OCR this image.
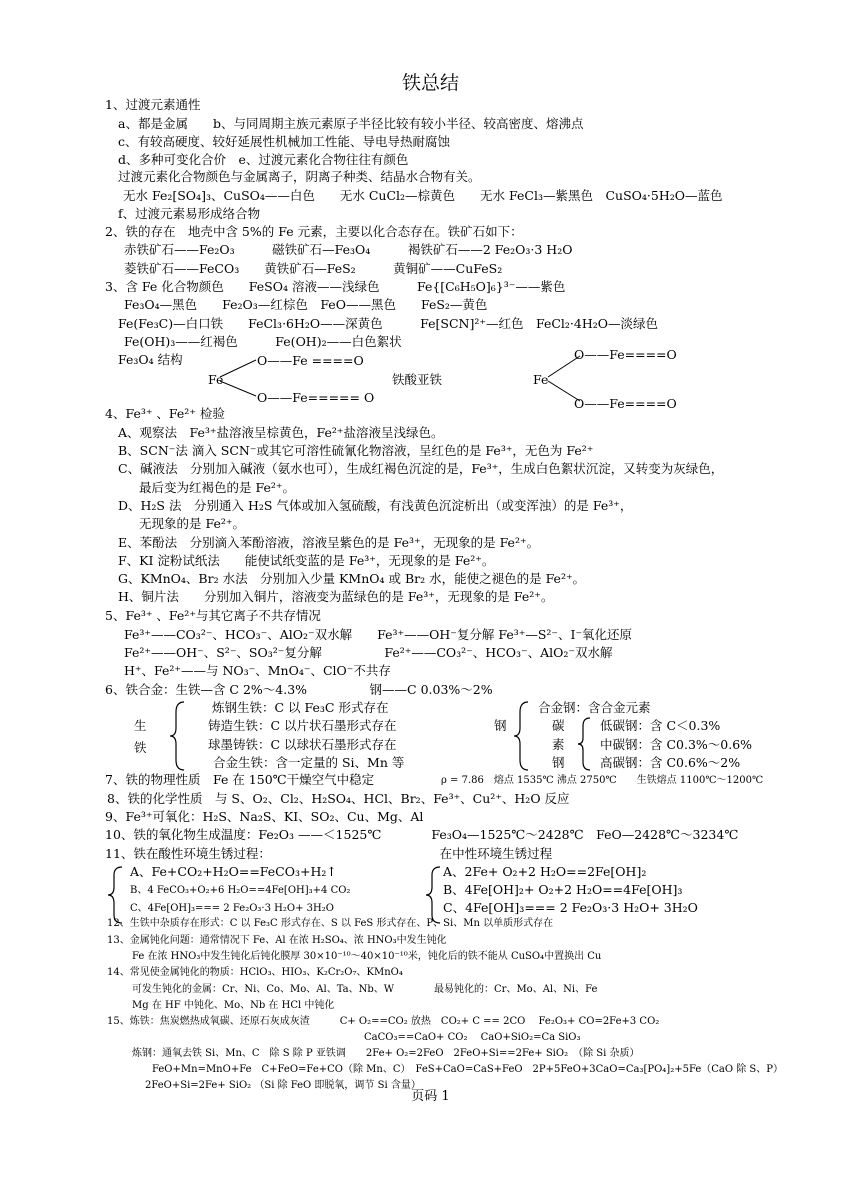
铁总结
1、过渡元素通性
a、都是金属　　b、与同周期主族元素原子半径比较有较小半径、较高密度、熔沸点
c、有较高硬度、较好延展性机械加工性能、导电导热耐腐蚀
d、多种可变化合价　e、过渡元素化合物往往有颜色
过渡元素化合物颜色与金属离子，阴离子种类、结晶水合物有关。
无水 Fe₂[SO₄]₃、CuSO₄——白色　　无水 CuCl₂—棕黄色　　无水 FeCl₃—紫黑色　CuSO₄·5H₂O—蓝色
f、过渡元素易形成络合物
2、铁的存在　地壳中含 5%的 Fe 元素，主要以化合态存在。铁矿石如下：
赤铁矿石——Fe₂O₃　　　磁铁矿石—Fe₃O₄　　　褐铁矿石——2 Fe₂O₃·3 H₂O
菱铁矿石——FeCO₃　　黄铁矿石—FeS₂　　　黄铜矿——CuFeS₂
3、含 Fe 化合物颜色　　FeSO₄ 溶液——浅绿色　　　Fe{[C₆H₅O]₆}³⁻——紫色
Fe₃O₄—黑色　　Fe₂O₃—红棕色　FeO——黑色　　FeS₂—黄色
Fe(Fe₃C)—白口铁　　FeCl₃·6H₂O——深黄色　　　Fe[SCN]²⁺—红色　FeCl₂·4H₂O—淡绿色
Fe(OH)₃——红褐色　　　Fe(OH)₂——白色絮状
Fe₃O₄ 结构
4、Fe³⁺ 、Fe²⁺ 检验
A、观察法　Fe³⁺盐溶液呈棕黄色，Fe²⁺盐溶液呈浅绿色。
B、SCN⁻法 滴入 SCN⁻或其它可溶性硫氰化物溶液，呈红色的是 Fe³⁺，无色为 Fe²⁺
C、碱液法　分别加入碱液（氨水也可），生成红褐色沉淀的是，Fe³⁺，生成白色絮状沉淀，又转变为灰绿色，
最后变为红褐色的是 Fe²⁺。
D、H₂S 法　分别通入 H₂S 气体或加入氢硫酸，有浅黄色沉淀析出（或变浑浊）的是 Fe³⁺，
无现象的是 Fe²⁺。
E、苯酚法　分别滴入苯酚溶液，溶液呈紫色的是 Fe³⁺，无现象的是 Fe²⁺。
F、KI 淀粉试纸法　　能使试纸变蓝的是 Fe³⁺，无现象的是 Fe²⁺。
G、KMnO₄、Br₂ 水法　分别加入少量 KMnO₄ 或 Br₂ 水，能使之褪色的是 Fe²⁺。
H、铜片法　　分别加入铜片，溶液变为蓝绿色的是 Fe³⁺，无现象的是 Fe²⁺。
5、Fe³⁺ 、Fe²⁺与其它离子不共存情况
Fe³⁺——CO₃²⁻、HCO₃⁻、AlO₂⁻双水解　　Fe³⁺——OH⁻复分解 Fe³⁺—S²⁻、I⁻氧化还原
Fe²⁺——OH⁻、S²⁻、SO₃²⁻复分解　　　　　Fe²⁺——CO₃²⁻、HCO₃⁻、AlO₂⁻双水解
H⁺、Fe²⁺——与 NO₃⁻、MnO₄⁻、ClO⁻不共存
6、铁合金：生铁—含 C 2%～4.3%　　　　　钢——C 0.03%～2%
7、铁的物理性质　Fe 在 150℃干燥空气中稳定
8、铁的化学性质　与 S、O₂、Cl₂、H₂SO₄、HCl、Br₂、Fe³⁺、Cu²⁺、H₂O 反应
9、Fe³⁺可氧化：H₂S、Na₂S、KI、SO₂、Cu、Mg、Al
10、铁的氧化物生成温度：Fe₂O₃ ——＜1525℃　　　　Fe₃O₄—1525℃～2428℃　FeO—2428℃～3234℃
11、铁在酸性环境生锈过程：　　　　　　　　　　　　　　在中性环境生锈过程
O——Fe ====O
Fe
O——Fe===== O
铁酸亚铁
O——Fe====O
Fe
O——Fe====O
生
铁
炼钢生铁：C 以 Fe₃C 形式存在
铸造生铁：C 以片状石墨形式存在
球墨铸铁：C 以球状石墨形式存在
合金生铁：含一定量的 Si、Mn 等
钢
合金钢：含合金元素
碳
素
钢
低碳钢：含 C＜0.3%
中碳钢：含 C0.3%～0.6%
高碳钢：含 C0.6%～2%
ρ = 7.86　熔点 1535℃ 沸点 2750℃　　生铁熔点 1100℃～1200℃
A、Fe+CO₂+H₂O==FeCO₃+H₂↑
B、4 FeCO₃+O₂+6 H₂O==4Fe[OH]₃+4 CO₂
C、4Fe[OH]₃=== 2 Fe₂O₃·3 H₂O+ 3H₂O
A、2Fe+ O₂+2 H₂O==2Fe[OH]₂
B、4Fe[OH]₂+ O₂+2 H₂O==4Fe[OH]₃
C、4Fe[OH]₃=== 2 Fe₂O₃·3 H₂O+ 3H₂O
12、生铁中杂质存在形式：C 以 Fe₃C 形式存在、S 以 FeS 形式存在、P、Si、Mn 以单质形式存在
13、金属钝化问题：通常情况下 Fe、Al 在浓 H₂SO₄、浓 HNO₃中发生钝化
Fe 在浓 HNO₃中发生钝化后钝化膜厚 30×10⁻¹⁰～40×10⁻¹⁰米，钝化后的铁不能从 CuSO₄中置换出 Cu
14、常见使金属钝化的物质：HClO₃、HIO₃、K₂Cr₂O₇、KMnO₄
可发生钝化的金属：Cr、Ni、Co、Mo、Al、Ta、Nb、W　　　　最易钝化的：Cr、Mo、Al、Ni、Fe
Mg 在 HF 中钝化、Mo、Nb 在 HCl 中钝化
15、炼铁：焦炭燃热成氧碳、还原石灰成灰渣　　　C+ O₂==CO₂ 放热　CO₂+ C == 2CO　 Fe₂O₃+ CO=2Fe+3 CO₂
CaCO₃==CaO+ CO₂　 CaO+SiO₂=Ca SiO₃
炼钢：通氧去铁 Si、Mn、C　除 S 除 P 亚铁调　　2Fe+ O₂=2FeO　2FeO+Si==2Fe+ SiO₂　（除 Si 杂质）
FeO+Mn=MnO+Fe　C+FeO=Fe+CO（除 Mn、C）　FeS+CaO=CaS+FeO　2P+5FeO+3CaO=Ca₃[PO₄]₂+5Fe（CaO 除 S、P）
2FeO+Si=2Fe+ SiO₂ （Si 除 FeO 即脱氧，调节 Si 含量）
页码 1
